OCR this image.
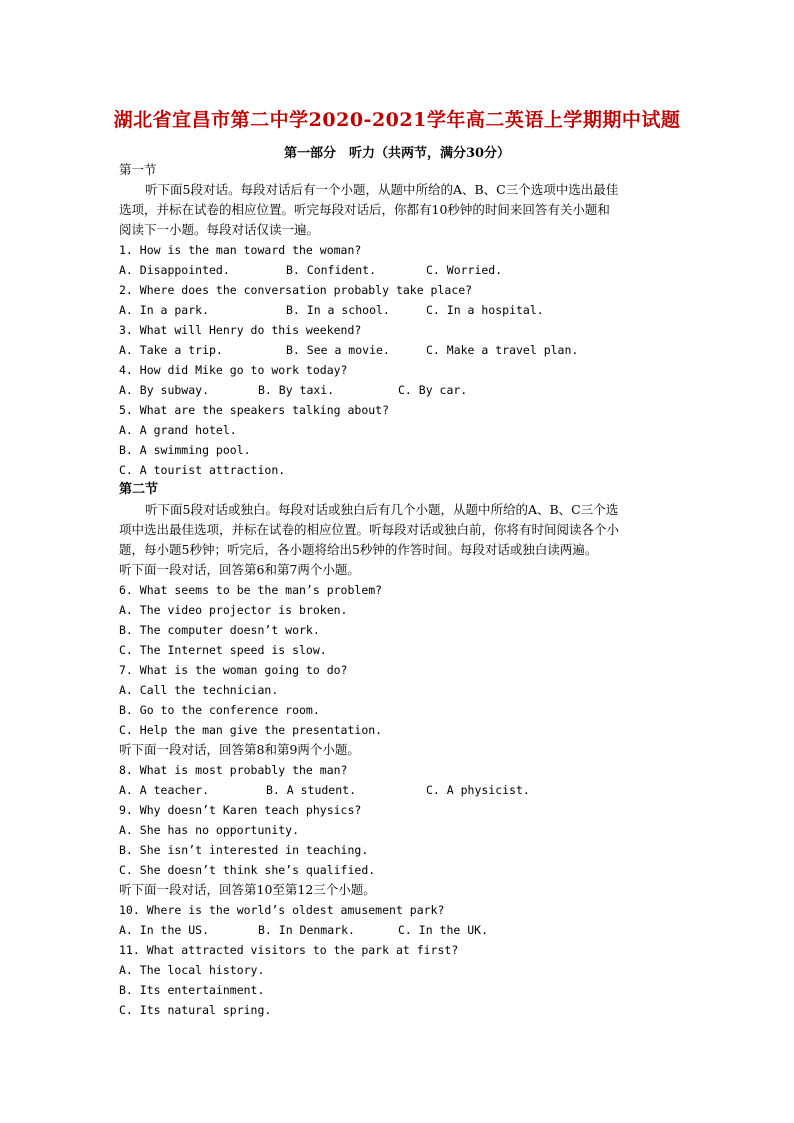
湖北省宜昌市第二中学2020-2021学年高二英语上学期期中试题
第一部分　听力（共两节，满分30分）
第一节
听下面5段对话。每段对话后有一个小题，从题中所给的A、B、C三个选项中选出最佳
选项，并标在试卷的相应位置。听完每段对话后，你都有10秒钟的时间来回答有关小题和
阅读下一小题。每段对话仅读一遍。
1. How is the man toward the woman?
A. Disappointed.	B. Confident.	C. Worried.
2. Where does the conversation probably take place?
A. In a park.	B. In a school.	C. In a hospital.
3. What will Henry do this weekend?
A. Take a trip.	B. See a movie.	C. Make a travel plan.
4. How did Mike go to work today?
A. By subway.	B. By taxi.	C. By car.
5. What are the speakers talking about?
A. A grand hotel.
B. A swimming pool.
C. A tourist attraction.
第二节
听下面5段对话或独白。每段对话或独白后有几个小题，从题中所给的A、B、C三个选
项中选出最佳选项，并标在试卷的相应位置。听每段对话或独白前，你将有时间阅读各个小
题，每小题5秒钟；听完后，各小题将给出5秒钟的作答时间。每段对话或独白读两遍。
听下面一段对话，回答第6和第7两个小题。
6. What seems to be the man’s problem?
A. The video projector is broken.
B. The computer doesn’t work.
C. The Internet speed is slow.
7. What is the woman going to do?
A. Call the technician.
B. Go to the conference room.
C. Help the man give the presentation.
听下面一段对话，回答第8和第9两个小题。
8. What is most probably the man?
A. A teacher.	B. A student.	C. A physicist.
9. Why doesn’t Karen teach physics?
A. She has no opportunity.
B. She isn’t interested in teaching.
C. She doesn’t think she’s qualified.
听下面一段对话，回答第10至第12三个小题。
10. Where is the world’s oldest amusement park?
A. In the US.	B. In Denmark.	C. In the UK.
11. What attracted visitors to the park at first?
A. The local history.
B. Its entertainment.
C. Its natural spring.
